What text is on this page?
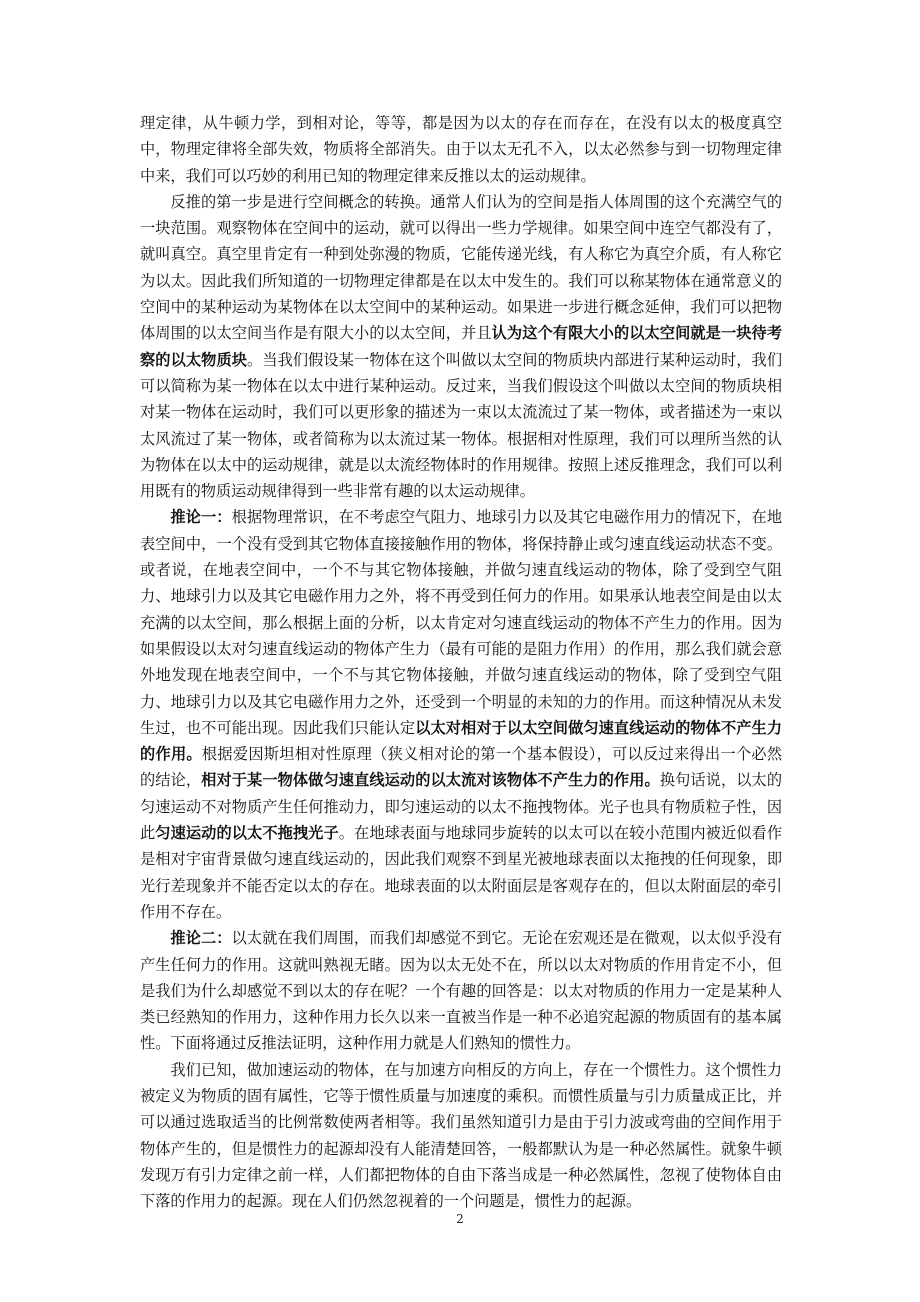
理定律，从牛顿力学，到相对论，等等，都是因为以太的存在而存在，在没有以太的极度真空中，物理定律将全部失效，物质将全部消失。由于以太无孔不入，以太必然参与到一切物理定律中来，我们可以巧妙的利用已知的物理定律来反推以太的运动规律。

反推的第一步是进行空间概念的转换。通常人们认为的空间是指人体周围的这个充满空气的一块范围。观察物体在空间中的运动，就可以得出一些力学规律。如果空间中连空气都没有了，就叫真空。真空里肯定有一种到处弥漫的物质，它能传递光线，有人称它为真空介质，有人称它为以太。因此我们所知道的一切物理定律都是在以太中发生的。我们可以称某物体在通常意义的空间中的某种运动为某物体在以太空间中的某种运动。如果进一步进行概念延伸，我们可以把物体周围的以太空间当作是有限大小的以太空间，并且认为这个有限大小的以太空间就是一块待考察的以太物质块。当我们假设某一物体在这个叫做以太空间的物质块内部进行某种运动时，我们可以简称为某一物体在以太中进行某种运动。反过来，当我们假设这个叫做以太空间的物质块相对某一物体在运动时，我们可以更形象的描述为一束以太流流过了某一物体，或者描述为一束以太风流过了某一物体，或者简称为以太流过某一物体。根据相对性原理，我们可以理所当然的认为物体在以太中的运动规律，就是以太流经物体时的作用规律。按照上述反推理念，我们可以利用既有的物质运动规律得到一些非常有趣的以太运动规律。

推论一：根据物理常识，在不考虑空气阻力、地球引力以及其它电磁作用力的情况下，在地表空间中，一个没有受到其它物体直接接触作用的物体，将保持静止或匀速直线运动状态不变。或者说，在地表空间中，一个不与其它物体接触，并做匀速直线运动的物体，除了受到空气阻力、地球引力以及其它电磁作用力之外，将不再受到任何力的作用。如果承认地表空间是由以太充满的以太空间，那么根据上面的分析，以太肯定对匀速直线运动的物体不产生力的作用。因为如果假设以太对匀速直线运动的物体产生力（最有可能的是阻力作用）的作用，那么我们就会意外地发现在地表空间中，一个不与其它物体接触，并做匀速直线运动的物体，除了受到空气阻力、地球引力以及其它电磁作用力之外，还受到一个明显的未知的力的作用。而这种情况从未发生过，也不可能出现。因此我们只能认定以太对相对于以太空间做匀速直线运动的物体不产生力的作用。根据爱因斯坦相对性原理（狭义相对论的第一个基本假设），可以反过来得出一个必然的结论，相对于某一物体做匀速直线运动的以太流对该物体不产生力的作用。换句话说，以太的匀速运动不对物质产生任何推动力，即匀速运动的以太不拖拽物体。光子也具有物质粒子性，因此匀速运动的以太不拖拽光子。在地球表面与地球同步旋转的以太可以在较小范围内被近似看作是相对宇宙背景做匀速直线运动的，因此我们观察不到星光被地球表面以太拖拽的任何现象，即光行差现象并不能否定以太的存在。地球表面的以太附面层是客观存在的，但以太附面层的牵引作用不存在。

推论二：以太就在我们周围，而我们却感觉不到它。无论在宏观还是在微观，以太似乎没有产生任何力的作用。这就叫熟视无睹。因为以太无处不在，所以以太对物质的作用肯定不小，但是我们为什么却感觉不到以太的存在呢？一个有趣的回答是：以太对物质的作用力一定是某种人类已经熟知的作用力，这种作用力长久以来一直被当作是一种不必追究起源的物质固有的基本属性。下面将通过反推法证明，这种作用力就是人们熟知的惯性力。

我们已知，做加速运动的物体，在与加速方向相反的方向上，存在一个惯性力。这个惯性力被定义为物质的固有属性，它等于惯性质量与加速度的乘积。而惯性质量与引力质量成正比，并可以通过选取适当的比例常数使两者相等。我们虽然知道引力是由于引力波或弯曲的空间作用于物体产生的，但是惯性力的起源却没有人能清楚回答，一般都默认为是一种必然属性。就象牛顿发现万有引力定律之前一样，人们都把物体的自由下落当成是一种必然属性，忽视了使物体自由下落的作用力的起源。现在人们仍然忽视着的一个问题是，惯性力的起源。

2
